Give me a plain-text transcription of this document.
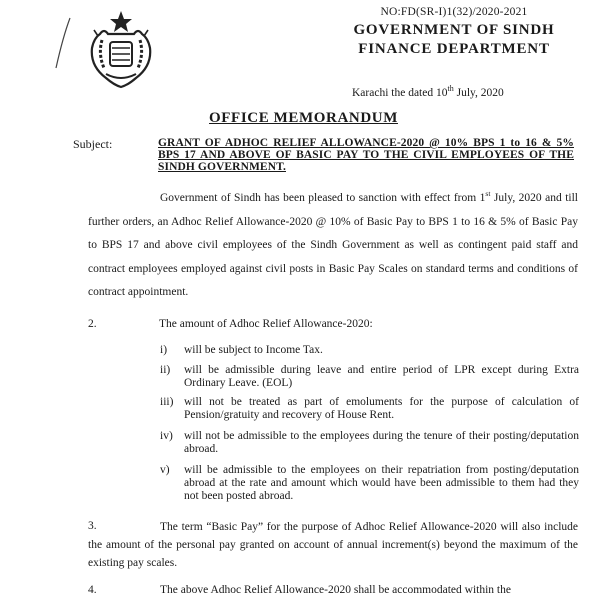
NO:FD(SR-I)1(32)/2020-2021
GOVERNMENT OF SINDH
FINANCE DEPARTMENT
Karachi the dated 10th July, 2020
OFFICE MEMORANDUM
Subject:	GRANT OF ADHOC RELIEF ALLOWANCE-2020 @ 10% BPS 1 to 16 & 5% BPS 17 AND ABOVE OF BASIC PAY TO THE CIVIL EMPLOYEES OF THE SINDH GOVERNMENT.
Government of Sindh has been pleased to sanction with effect from 1st July, 2020 and till further orders, an Adhoc Relief Allowance-2020 @ 10% of Basic Pay to BPS 1 to 16 & 5% of Basic Pay to BPS 17 and above civil employees of the Sindh Government as well as contingent paid staff and contract employees employed against civil posts in Basic Pay Scales on standard terms and conditions of contract appointment.
2.	The amount of Adhoc Relief Allowance-2020:
i) will be subject to Income Tax.
ii) will be admissible during leave and entire period of LPR except during Extra Ordinary Leave. (EOL)
iii) will not be treated as part of emoluments for the purpose of calculation of Pension/gratuity and recovery of House Rent.
iv) will not be admissible to the employees during the tenure of their posting/deputation abroad.
v) will be admissible to the employees on their repatriation from posting/deputation abroad at the rate and amount which would have been admissible to them had they not been posted abroad.
3.	The term “Basic Pay” for the purpose of Adhoc Relief Allowance-2020 will also include the amount of the personal pay granted on account of annual increment(s) beyond the maximum of the existing pay scales.
4.	The above Adhoc Relief Allowance-2020 shall be accommodated within the
